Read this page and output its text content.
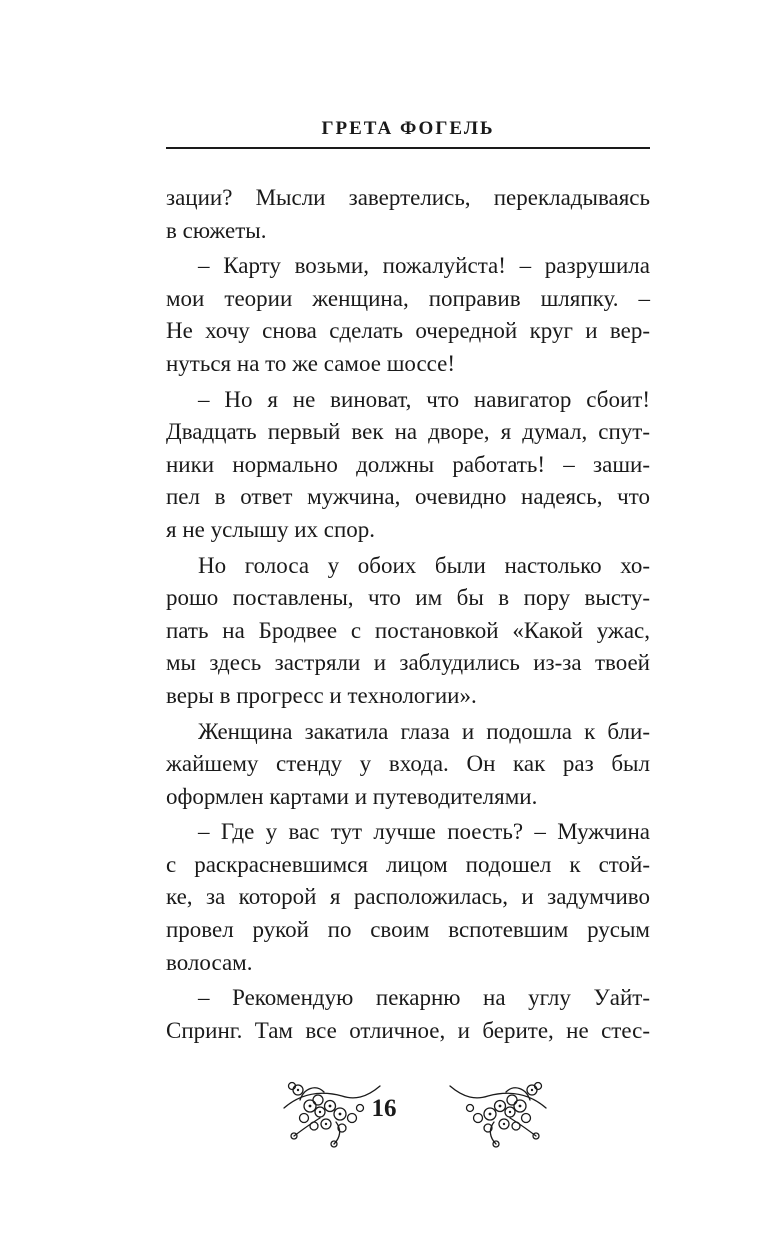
ГРЕТА ФОГЕЛЬ
зации? Мысли завертелись, перекладываясь
в сюжеты.
– Карту возьми, пожалуйста! – разрушила
мои теории женщина, поправив шляпку. –
Не хочу снова сделать очередной круг и вер-
нуться на то же самое шоссе!
– Но я не виноват, что навигатор сбоит!
Двадцать первый век на дворе, я думал, спут-
ники нормально должны работать! – заши-
пел в ответ мужчина, очевидно надеясь, что
я не услышу их спор.
Но голоса у обоих были настолько хо-
рошо поставлены, что им бы в пору высту-
пать на Бродвее с постановкой «Какой ужас,
мы здесь застряли и заблудились из-за твоей
веры в прогресс и технологии».
Женщина закатила глаза и подошла к бли-
жайшему стенду у входа. Он как раз был
оформлен картами и путеводителями.
– Где у вас тут лучше поесть? – Мужчина
с раскрасневшимся лицом подошел к стой-
ке, за которой я расположилась, и задумчиво
провел рукой по своим вспотевшим русым
волосам.
– Рекомендую пекарню на углу Уайт-
Спринг. Там все отличное, и берите, не стес-
16
